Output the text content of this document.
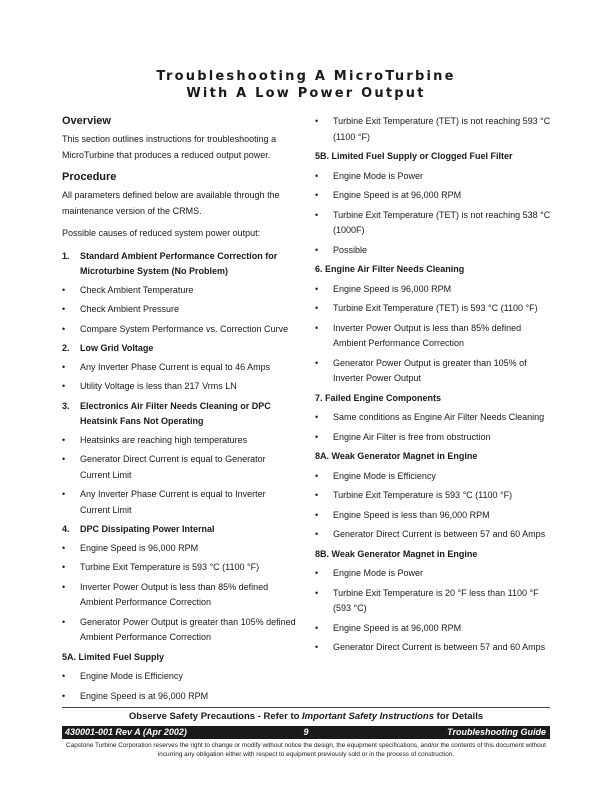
Troubleshooting A MicroTurbine
With A Low Power Output
Overview
This section outlines instructions for troubleshooting a MicroTurbine that produces a reduced output power.
Procedure
All parameters defined below are available through the maintenance version of the CRMS.
Possible causes of reduced system power output:
1.	Standard Ambient Performance Correction for Microturbine System (No Problem)
•	Check Ambient Temperature
•	Check Ambient Pressure
•	Compare System Performance vs. Correction Curve
2.	Low Grid Voltage
•	Any Inverter Phase Current is equal to 46 Amps
•	Utility Voltage is less than 217 Vrms LN
3.	Electronics Air Filter Needs Cleaning or DPC Heatsink Fans Not Operating
•	Heatsinks are reaching high temperatures
•	Generator Direct Current is equal to Generator Current Limit
•	Any Inverter Phase Current is equal to Inverter Current Limit
4.	DPC Dissipating Power Internal
•	Engine Speed is 96,000 RPM
•	Turbine Exit Temperature is 593 °C (1100 °F)
•	Inverter Power Output is less than 85% defined Ambient Performance Correction
•	Generator Power Output is greater than 105% defined Ambient Performance Correction
5A. Limited Fuel Supply
•	Engine Mode is Efficiency
•	Engine Speed is at 96,000 RPM
•	Turbine Exit Temperature (TET) is not reaching 593 °C (1100 °F)
5B. Limited Fuel Supply or Clogged Fuel Filter
•	Engine Mode is Power
•	Engine Speed is at 96,000 RPM
•	Turbine Exit Temperature (TET) is not reaching 538 °C (1000F)
•	Possible
6. Engine Air Filter Needs Cleaning
•	Engine Speed is 96,000 RPM
•	Turbine Exit Temperature (TET) is 593 °C (1100 °F)
•	Inverter Power Output is less than 85% defined Ambient Performance Correction
•	Generator Power Output is greater than 105% of Inverter Power Output
7. Failed Engine Components
•	Same conditions as Engine Air Filter Needs Cleaning
•	Engine Air Filter is free from obstruction
8A. Weak Generator Magnet in Engine
•	Engine Mode is Efficiency
•	Turbine Exit Temperature is 593 °C (1100 °F)
•	Engine Speed is less than 96,000 RPM
•	Generator Direct Current is between 57 and 60 Amps
8B. Weak Generator Magnet in Engine
•	Engine Mode is Power
•	Turbine Exit Temperature is 20 °F less than 1100 °F (593 °C)
•	Engine Speed is at 96,000 RPM
•	Generator Direct Current is between 57 and 60 Amps
Observe Safety Precautions - Refer to Important Safety Instructions for Details
430001-001 Rev A (Apr 2002)	9	Troubleshooting Guide
Capstone Turbine Corporation reserves the right to change or modify without notice the design, the equipment specifications, and/or the contents of this document without incurring any obligation either with respect to equipment previously sold or in the process of construction.
